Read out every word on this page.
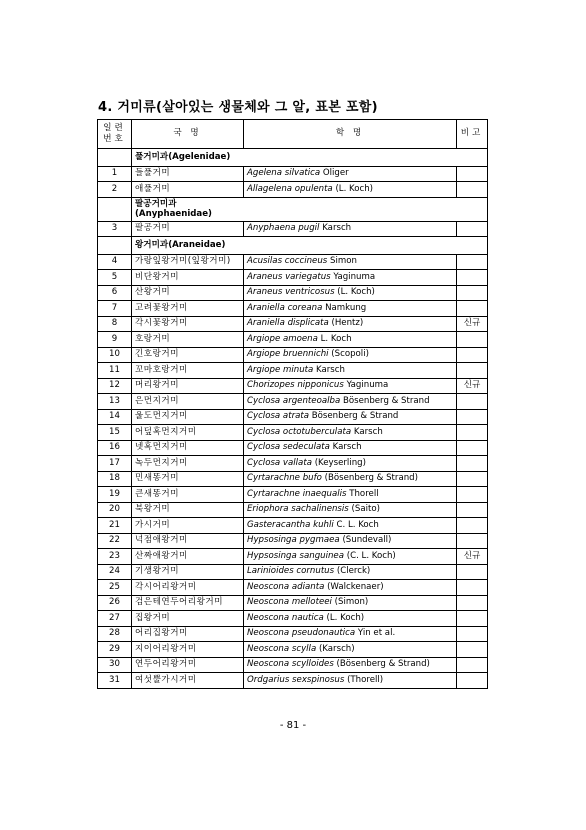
4. 거미류(살아있는 생물체와 그 알, 표본 포함)
일련
번호	국 명	학 명	비고
	풀거미과(Agelenidae)		
1	들풀거미	Agelena silvatica Oliger	
2	애풀거미	Allagelena opulenta (L. Koch)	
	팔공거미과
(Anyphaenidae)		
3	팔공거미	Anyphaena pugil Karsch	
	왕거미과(Araneidae)		
4	가랑잎왕거미(잎왕거미)	Acusilas coccineus Simon	
5	비단왕거미	Araneus variegatus Yaginuma	
6	산왕거미	Araneus ventricosus (L. Koch)	
7	고려꽃왕거미	Araniella coreana Namkung	
8	각시꽃왕거미	Araniella displicata (Hentz)	신규
9	호랑거미	Argiope amoena L. Koch	
10	긴호랑거미	Argiope bruennichi (Scopoli)	
11	꼬마호랑거미	Argiope minuta Karsch	
12	머리왕거미	Chorizopes nipponicus Yaginuma	신규
13	은먼지거미	Cyclosa argenteoalba Bösenberg & Strand	
14	울도먼지거미	Cyclosa atrata Bösenberg & Strand	
15	어덮혹먼지거미	Cyclosa octotuberculata Karsch	
16	넷혹먼지거미	Cyclosa sedeculata Karsch	
17	녹두먼지거미	Cyclosa vallata (Keyserling)	
18	민새똥거미	Cyrtarachne bufo (Bösenberg & Strand)	
19	큰새똥거미	Cyrtarachne inaequalis Thorell	
20	북왕거미	Eriophora sachalinensis (Saito)	
21	가시거미	Gasteracantha kuhli C. L. Koch	
22	넉점애왕거미	Hypsosinga pygmaea (Sundevall)	
23	산짜애왕거미	Hypsosinga sanguinea (C. L. Koch)	신규
24	기생왕거미	Larinioides cornutus (Clerck)	
25	각시어리왕거미	Neoscona adianta (Walckenaer)	
26	검은테연두어리왕거미	Neoscona melloteei (Simon)	
27	집왕거미	Neoscona nautica (L. Koch)	
28	어리집왕거미	Neoscona pseudonautica Yin et al.	
29	지이어리왕거미	Neoscona scylla (Karsch)	
30	연두어리왕거미	Neoscona scylloides (Bösenberg & Strand)	
31	여섯뿔가시거미	Ordgarius sexspinosus (Thorell)	
- 81 -
